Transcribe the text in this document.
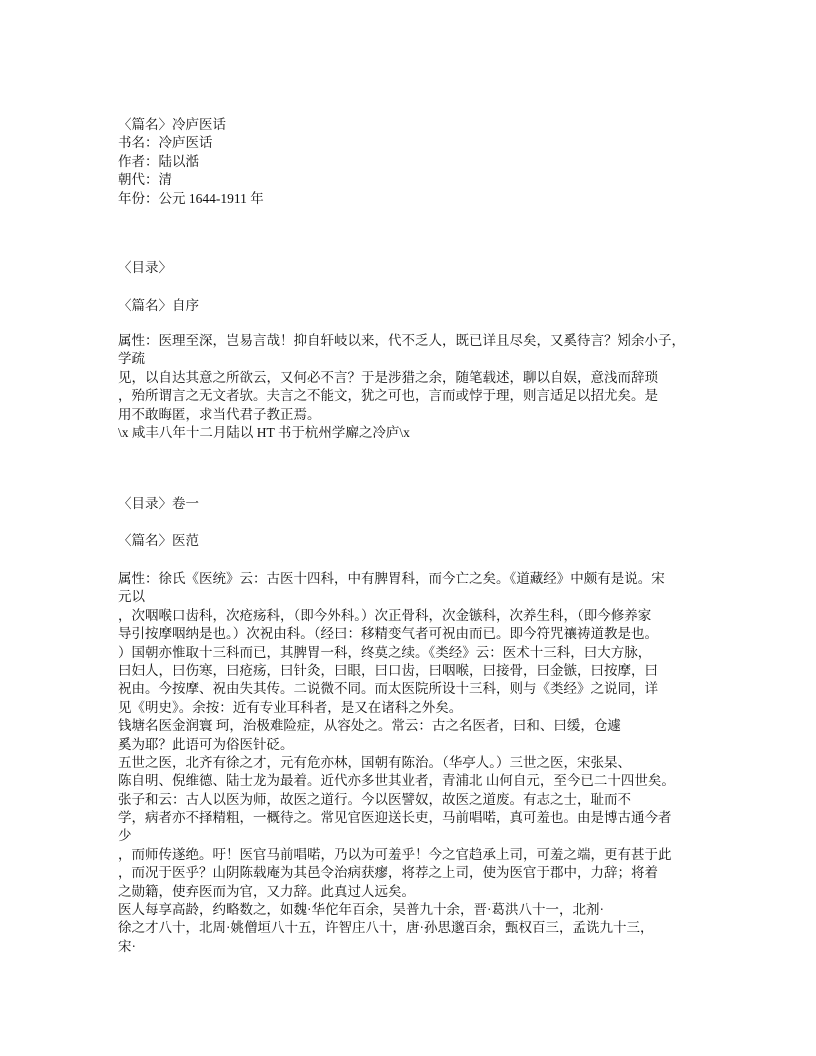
〈篇名〉冷庐医话
书名：冷庐医话
作者：陆以湉
朝代：清
年份：公元 1644-1911 年
〈目录〉
〈篇名〉自序
属性：医理至深，岂易言哉！抑自轩岐以来，代不乏人，既已详且尽矣，又奚待言？矧余小子，
学疏
见，以自达其意之所欲云，又何必不言？于是涉猎之余，随笔载述，聊以自娱，意浅而辞琐
，殆所谓言之无文者欤。夫言之不能文，犹之可也，言而或悖于理，则言适足以招尤矣。是
用不敢晦匿，求当代君子教正焉。
\x 咸丰八年十二月陆以 HT 书于杭州学廨之冷庐\x
〈目录〉卷一
〈篇名〉医范
属性：徐氏《医统》云：古医十四科，中有脾胃科，而今亡之矣。《道藏经》中颇有是说。宋
元以
，次咽喉口齿科，次疮疡科，（即今外科。）次正骨科，次金镞科，次养生科，（即今修养家
导引按摩咽纳是也。）次祝由科。（经曰：移精变气者可祝由而已。即今符咒禳祷道教是也。
）国朝亦惟取十三科而已，其脾胃一科，终莫之续。《类经》云：医术十三科，曰大方脉，
曰妇人，曰伤寒，曰疮疡，曰针灸，曰眼，曰口齿，曰咽喉，曰接骨，曰金镞，曰按摩，曰
祝由。今按摩、祝由失其传。二说微不同。而太医院所设十三科，则与《类经》之说同，详
见《明史》。余按：近有专业耳科者，是又在诸科之外矣。
钱塘名医金润寰 珂，治极难险症，从容处之。常云：古之名医者，曰和、曰缓，仓遽
奚为耶？此语可为俗医针砭。
五世之医，北齐有徐之才，元有危亦林，国朝有陈治。（华亭人。）三世之医，宋张杲、
陈自明、倪维德、陆士龙为最着。近代亦多世其业者，青浦北 山何自元，至今已二十四世矣。
张子和云：古人以医为师，故医之道行。今以医譬奴，故医之道废。有志之士，耻而不
学，病者亦不择精粗，一概待之。常见官医迎送长吏，马前唱喏，真可羞也。由是博古通今者
少
，而师传遂绝。吁！医官马前唱喏，乃以为可羞乎！今之官趋承上司，可羞之端，更有甚于此
，而况于医乎？山阴陈载庵为其邑令治病获瘳，将荐之上司，使为医官于郡中，力辞；将着
之勋籍，使弃医而为官，又力辞。此真过人远矣。
医人每享高龄，约略数之，如魏·华佗年百余，吴普九十余，晋·葛洪八十一，北剂·
徐之才八十，北周·姚僧垣八十五，许智庄八十，唐·孙思邈百余，甄权百三，孟诜九十三，
宋·
